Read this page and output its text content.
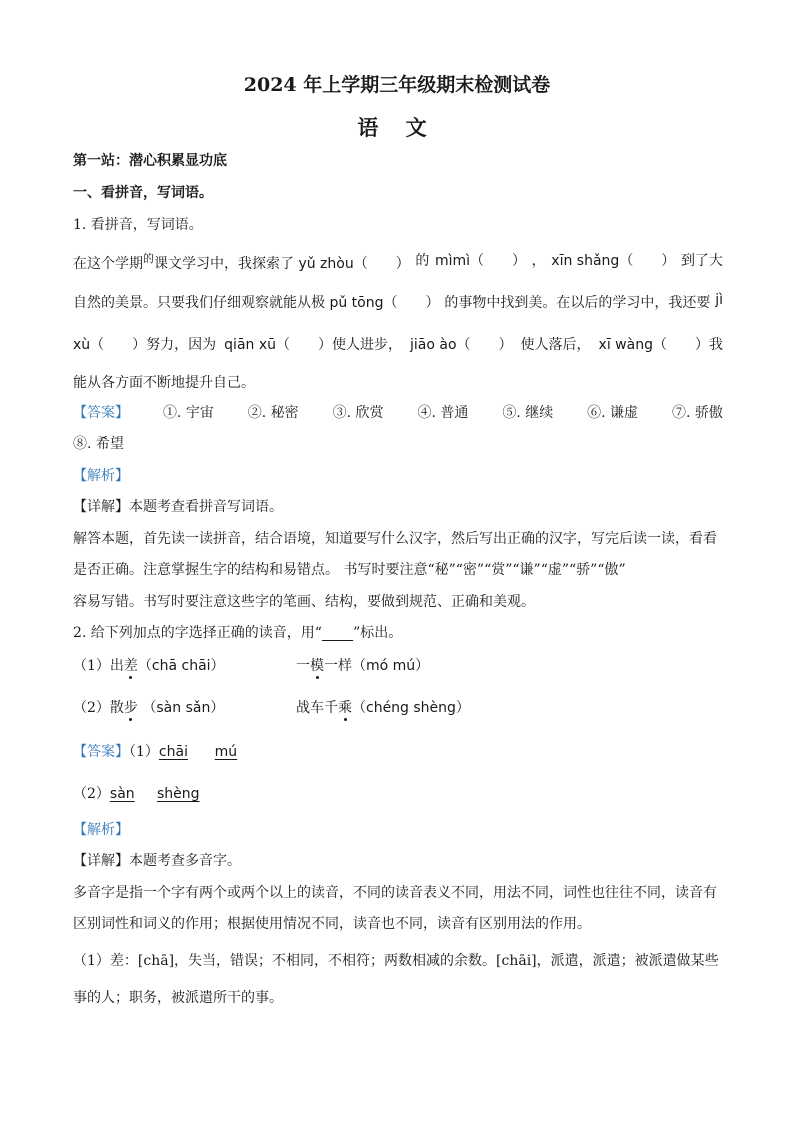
2024 年上学期三年级期末检测试卷
语 文
第一站：潜心积累显功底
一、看拼音，写词语。
1. 看拼音，写词语。
在这个学期$^的$课文学习中，我探索了 yǔ zhòu（　　） 的 mìmì（　　） ， xīn shǎng（　　） 到了大
自然的美景。只要我们仔细观察就能从极 pǔ tōng（　　） 的事物中找到美。在以后的学习中，我还要 jì
xù（　　）努力，因为 qiān xū（　　）使人进步， jiāo ào（　　） 使人落后， xī wàng（　　）我
能从各方面不断地提升自己。
【答案】 ①. 宇宙 ②. 秘密 ③. 欣赏 ④. 普通 ⑤. 继续 ⑥. 谦虚 ⑦. 骄傲
⑧. 希望
【解析】
【详解】本题考查看拼音写词语。
解答本题，首先读一读拼音，结合语境，知道要写什么汉字，然后写出正确的汉字，写完后读一读，看看
是否正确。注意掌握生字的结构和易错点。 书写时要注意“秘”“密”“赏”“谦”“虚”“骄”“傲”
容易写错。书写时要注意这些字的笔画、结构，要做到规范、正确和美观。
2. 给下列加点的字选择正确的读音，用“ ”标出。
（1）出差（chā chāi）	一模一样（mó mú）
（2）散步 （sàn sǎn）	战车千乘（chéng shèng）
【答案】（1）chāi mú
（2）sàn shèng
【解析】
【详解】本题考查多音字。
多音字是指一个字有两个或两个以上的读音，不同的读音表义不同，用法不同，词性也往往不同，读音有
区别词性和词义的作用；根据使用情况不同，读音也不同，读音有区别用法的作用。
（1）差：[chā]，失当，错误；不相同，不相符；两数相减的余数。[chāi]，派遣，派遣；被派遣做某些
事的人；职务，被派遣所干的事。
